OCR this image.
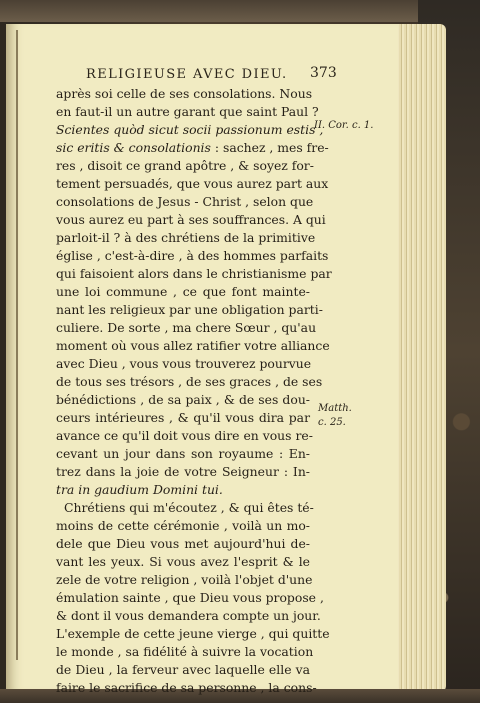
RELIGIEUSE AVEC DIEU. 373
après soi celle de ses consolations. Nous
en faut-il un autre garant que saint Paul ?
Scientes quòd sicut socii passionum estis ,
sic eritis & consolationis : sachez , mes fre-
res , disoit ce grand apôtre , & soyez for-
tement persuadés, que vous aurez part aux
consolations de Jesus - Christ , selon que
vous aurez eu part à ses souffrances. A qui
parloit-il ? à des chrétiens de la primitive
église , c'est-à-dire , à des hommes parfaits
qui faisoient alors dans le christianisme par
une loi commune , ce que font mainte-
nant les religieux par une obligation parti-
culiere. De sorte , ma chere Sœur , qu'au
moment où vous allez ratifier votre alliance
avec Dieu , vous vous trouverez pourvue
de tous ses trésors , de ses graces , de ses
bénédictions , de sa paix , & de ses dou-
ceurs intérieures , & qu'il vous dira par
avance ce qu'il doit vous dire en vous re-
cevant un jour dans son royaume : En-
trez dans la joie de votre Seigneur : In-
tra in gaudium Domini tui.
Chrétiens qui m'écoutez , & qui êtes té-
moins de cette cérémonie , voilà un mo-
dele que Dieu vous met aujourd'hui de-
vant les yeux. Si vous avez l'esprit & le
zele de votre religion , voilà l'objet d'une
émulation sainte , que Dieu vous propose ,
& dont il vous demandera compte un jour.
L'exemple de cette jeune vierge , qui quitte
le monde , sa fidélité à suivre la vocation
de Dieu , la ferveur avec laquelle elle va
faire le sacrifice de sa personne , la cons-
II. Cor. c. 1.
Matth.
c. 25.
